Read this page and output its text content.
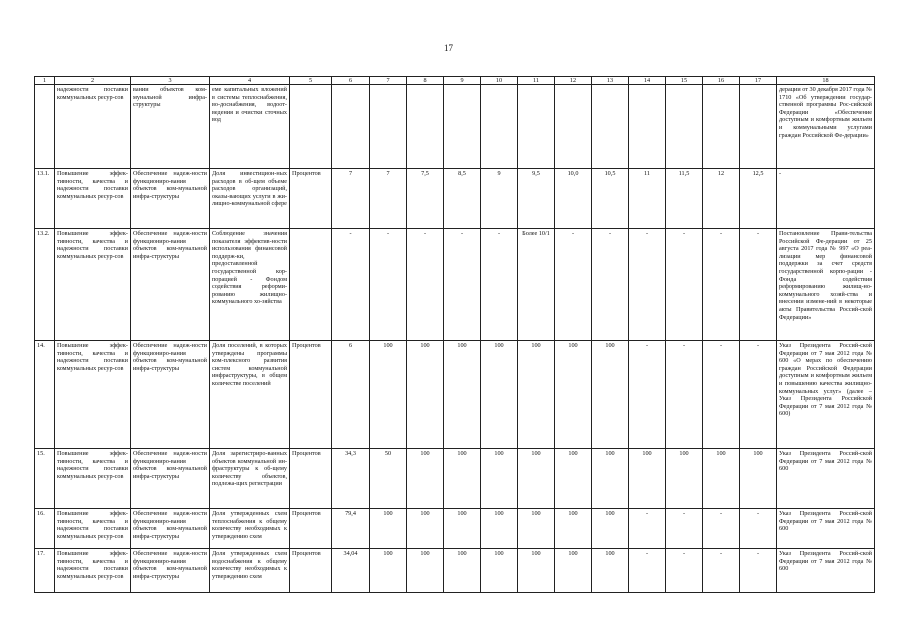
17
1	2	3	4	5	6	7	8	9	10	11	12	13	14	15	16	17	18
	надежности поставки коммунальных ресур-сов	вании объектов ком-мунальной инфра-структуры	еме капитальных вложений в системы теплоснабжения, во-доснабжения, водоот-ведения и очистки сточных вод														дерации от 30 декабря 2017 года № 1710 «Об утверждении государ-ственной программы Рос-сийской Федерации «Обеспечение доступным и комфортным жильем и коммунальными услугами граждан Российской Фе-дерации»
13.1.	Повышение эффек-тивности, качества и надежности поставки коммунальных ресур-сов	Обеспечение надеж-ности функциониро-вания объектов ком-мунальной инфра-структуры	Доля инвестицион-ных расходов в об-щем объеме расходов организаций, оказы-вающих услуги в жи-лищно-коммунальной сфере	Процентов	7	7	7,5	8,5	9	9,5	10,0	10,5	11	11,5	12	12,5	-
13.2.	Повышение эффек-тивности, качества и надежности поставки коммунальных ресур-сов	Обеспечение надеж-ности функциониро-вания объектов ком-мунальной инфра-структуры	Соблюдение значения показателя эффектив-ности использования финансовой поддерж-ки, предоставленной государственной кор-порацией - Фондом содействия реформи-рованию жилищно-коммунального хо-зяйства		-	-	-	-	-	Более 10/1	-	-	-	-	-	-	Постановление Прави-тельства Российской Фе-дерации от 25 августа 2017 года № 997 «О реа-лизации мер финансовой поддержки за счет средств государственной корпо-рации - Фонда содействия реформированию жилищ-но-коммунального хозяй-ства и внесении измене-ний в некоторые акты Правительства Россий-ской Федерации»
14.	Повышение эффек-тивности, качества и надежности поставки коммунальных ресур-сов	Обеспечение надеж-ности функциониро-вания объектов ком-мунальной инфра-структуры	Доля поселений, в которых утверждены программы ком-плексного развития систем коммунальной инфраструктуры, в общем количестве поселений	Процентов	6	100	100	100	100	100	100	100	-	-	-	-	Указ Президента Россий-ской Федерации от 7 мая 2012 года № 600 «О мерах по обеспечению граждан Российской Федерации доступным и комфортным жильем и повышению качества жилищно-коммунальных услуг» (далее – Указ Президента Российской Федерации от 7 мая 2012 года № 600)
15.	Повышение эффек-тивности, качества и надежности поставки коммунальных ресур-сов	Обеспечение надеж-ности функциониро-вания объектов ком-мунальной инфра-структуры	Доля зарегистриро-ванных объектов коммунальной ин-фраструктуры к об-щему количеству объектов, подлежа-щих регистрации	Процентов	34,3	50	100	100	100	100	100	100	100	100	100	100	Указ Президента Россий-ской Федерации от 7 мая 2012 года № 600
16.	Повышение эффек-тивности, качества и надежности поставки коммунальных ресур-сов	Обеспечение надеж-ности функциониро-вания объектов ком-мунальной инфра-структуры	Доля утвержденных схем теплоснабжения к общему количеству необходимых к утверждению схем	Процентов	79,4	100	100	100	100	100	100	100	-	-	-	-	Указ Президента Россий-ской Федерации от 7 мая 2012 года № 600
17.	Повышение эффек-тивности, качества и надежности поставки коммунальных ресур-сов	Обеспечение надеж-ности функциониро-вания объектов ком-мунальной инфра-структуры	Доля утвержденных схем водоснабжения к общему количеству необходимых к утверждению схем	Процентов	34,04	100	100	100	100	100	100	100	-	-	-	-	Указ Президента Россий-ской Федерации от 7 мая 2012 года № 600
